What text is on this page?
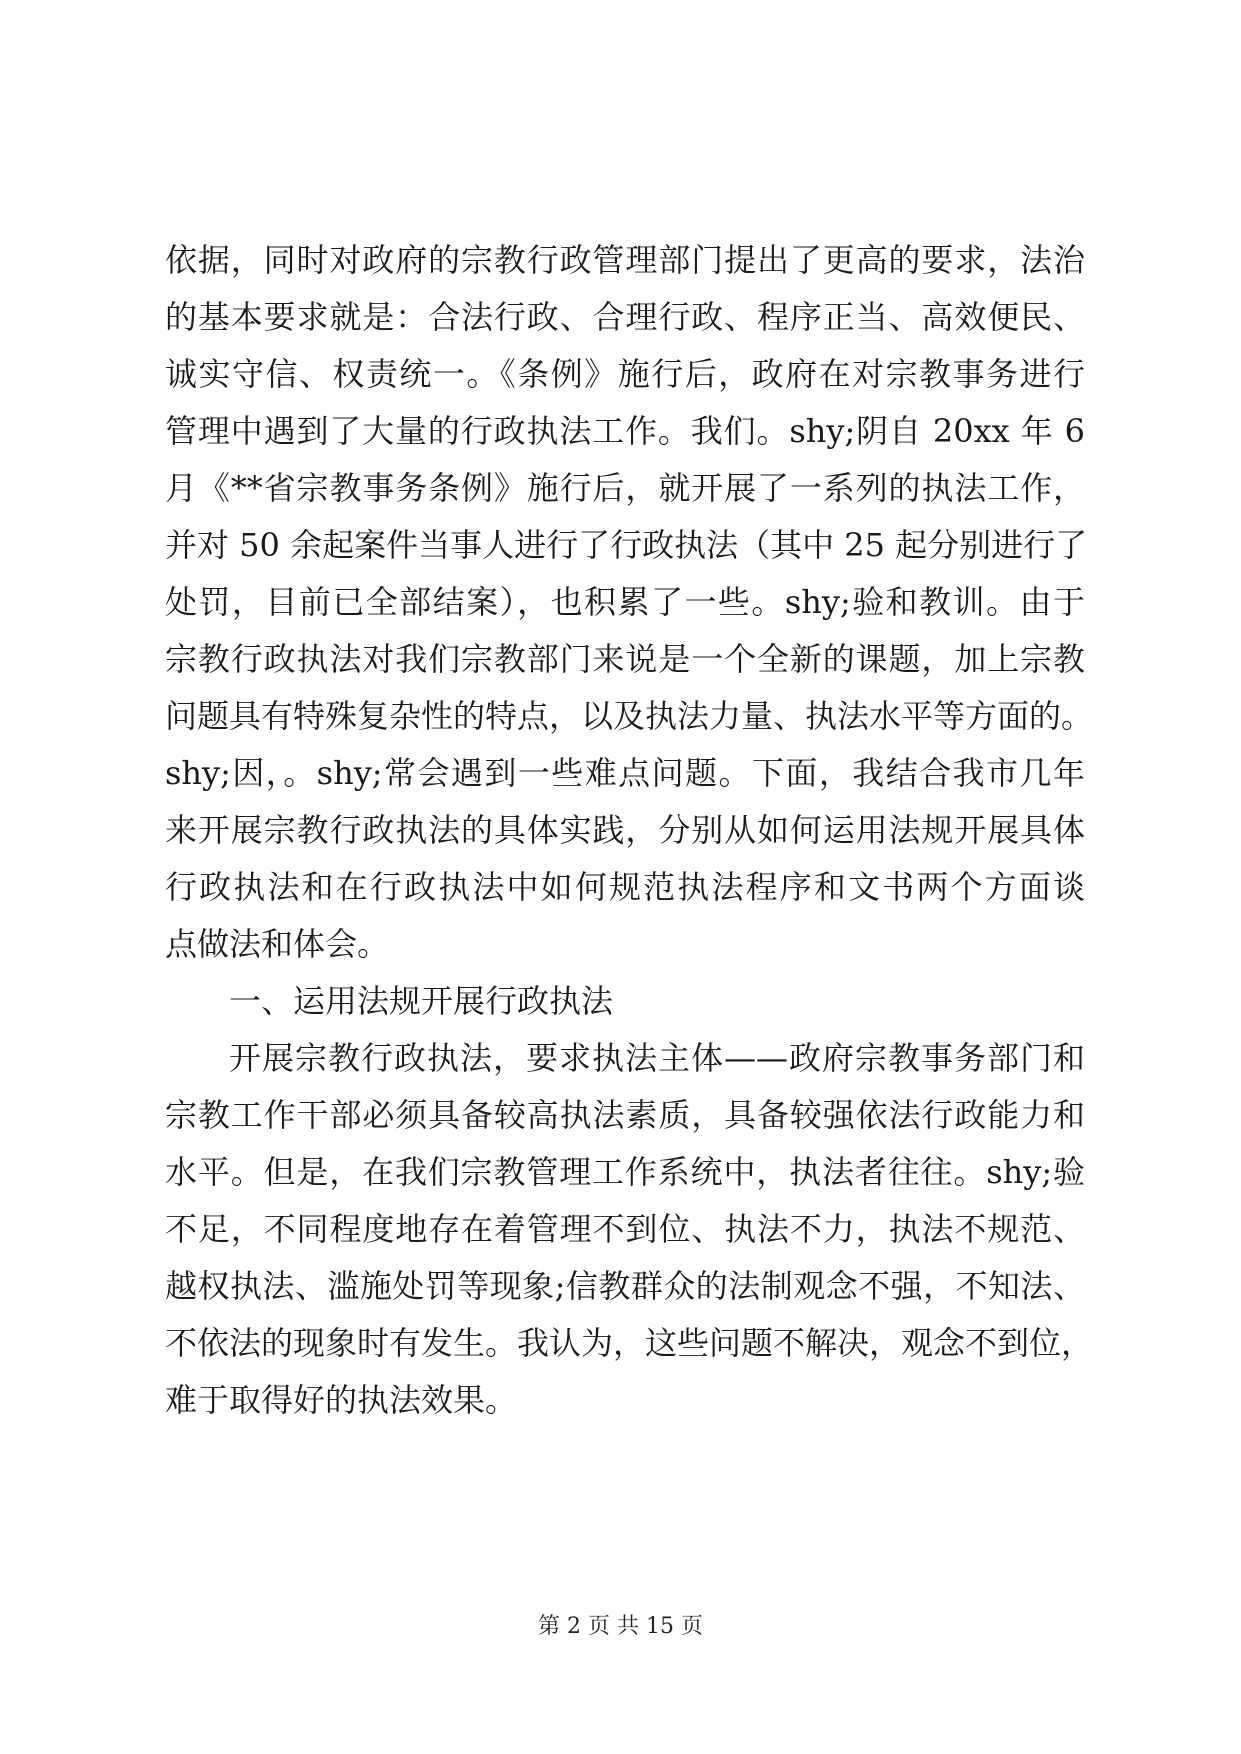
依据，同时对政府的宗教行政管理部门提出了更高的要求，法治
的基本要求就是：合法行政、合理行政、程序正当、高效便民、
诚实守信、权责统一。《条例》施行后，政府在对宗教事务进行
管理中遇到了大量的行政执法工作。我们。shy;阴自 20xx 年 6
月《**省宗教事务条例》施行后，就开展了一系列的执法工作，
并对 50 余起案件当事人进行了行政执法（其中 25 起分别进行了
处罚，目前已全部结案），也积累了一些。shy;验和教训。由于
宗教行政执法对我们宗教部门来说是一个全新的课题，加上宗教
问题具有特殊复杂性的特点，以及执法力量、执法水平等方面的。
shy;因，。shy;常会遇到一些难点问题。下面，我结合我市几年
来开展宗教行政执法的具体实践，分别从如何运用法规开展具体
行政执法和在行政执法中如何规范执法程序和文书两个方面谈
点做法和体会。
一、运用法规开展行政执法
开展宗教行政执法，要求执法主体——政府宗教事务部门和
宗教工作干部必须具备较高执法素质，具备较强依法行政能力和
水平。但是，在我们宗教管理工作系统中，执法者往往。shy;验
不足，不同程度地存在着管理不到位、执法不力，执法不规范、
越权执法、滥施处罚等现象;信教群众的法制观念不强，不知法、
不依法的现象时有发生。我认为，这些问题不解决，观念不到位，
难于取得好的执法效果。
第 2 页 共 15 页
